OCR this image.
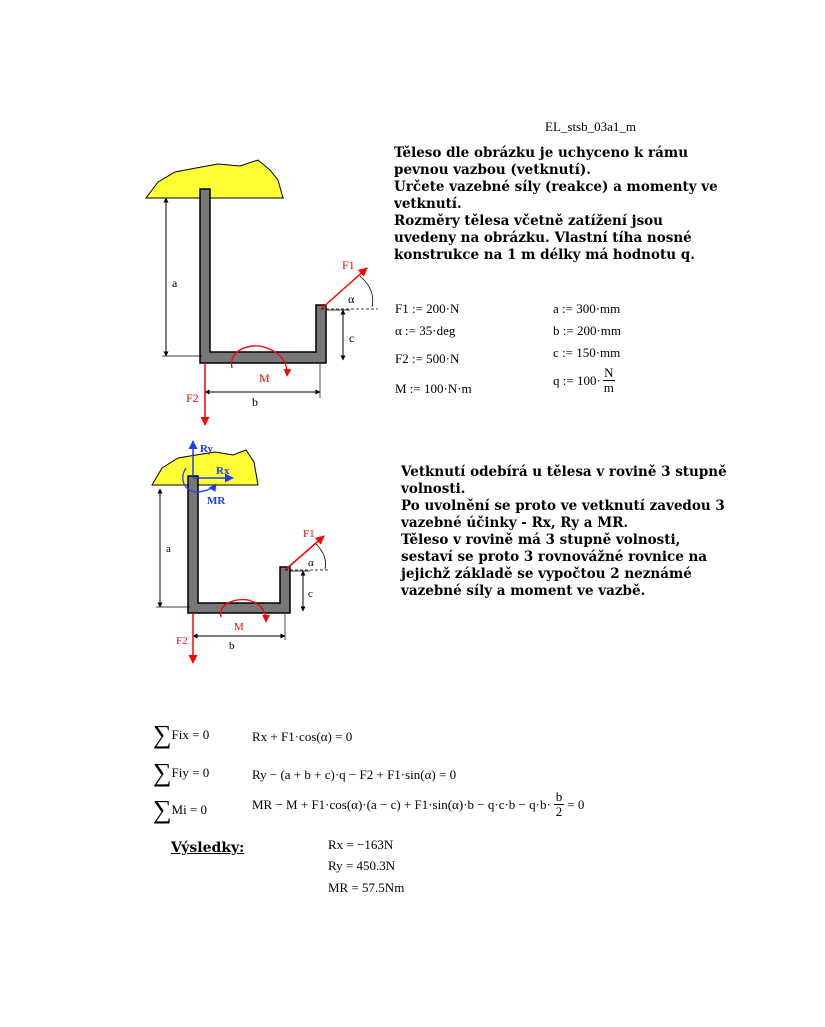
EL_stsb_03a1_m
Těleso dle obrázku je uchyceno k rámu
pevnou vazbou (vetknutí).
Určete vazebné síly (reakce) a momenty ve
vetknutí.
Rozměry tělesa včetně zatížení jsou
uvedeny na obrázku. Vlastní tíha nosné
konstrukce na 1 m délky má hodnotu q.
F1 := 200·N
α := 35·deg
F2 := 500·N
M := 100·N·m
a := 300·mm
b := 200·mm
c := 150·mm
q := 100· N
m
a
b
c
F1
α
F2
M
Ry
Rx
MR
a
b
c
F1
α
F2
M
Vetknutí odebírá u tělesa v rovině 3 stupně
volnosti.
Po uvolnění se proto ve vetknutí zavedou 3
vazebné účinky - Rx, Ry a MR.
Těleso v rovině má 3 stupně volnosti,
sestaví se proto 3 rovnovážné rovnice na
jejichž základě se vypočtou 2 neznámé
vazebné síly a moment ve vazbě.
∑ Fix = 0	Rx + F1·cos(α) = 0
∑ Fiy = 0	Ry − (a + b + c)·q − F2 + F1·sin(α) = 0
∑ Mi = 0	MR − $M + F1\cdot\cos(\alpha)\cdot(a - c) + F1\cdot\sin(\alpha)\cdot b - q\cdot c\cdot b - q\cdot b\cdot \frac{b}{2} = 0$
Výsledky:	Rx = −163N
Ry = 450.3N
MR = 57.5Nm
